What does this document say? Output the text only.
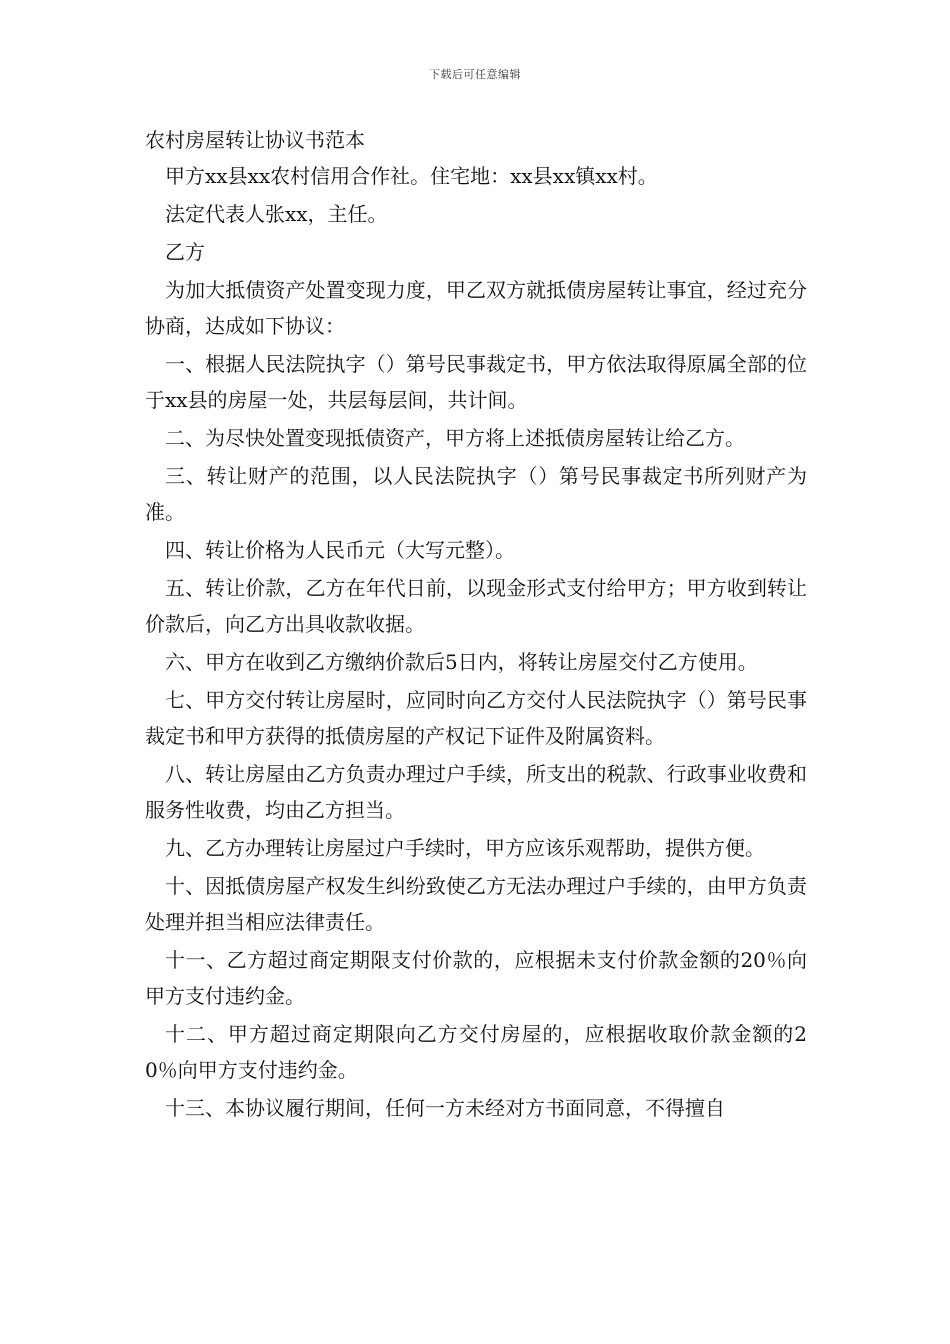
下载后可任意编辑
农村房屋转让协议书范本

甲方xx县xx农村信用合作社。住宅地：xx县xx镇xx村。

法定代表人张xx，主任。

乙方

为加大抵债资产处置变现力度，甲乙双方就抵债房屋转让事宜，经过充分协商，达成如下协议：

一、根据人民法院执字（）第号民事裁定书，甲方依法取得原属全部的位于xx县的房屋一处，共层每层间，共计间。

二、为尽快处置变现抵债资产，甲方将上述抵债房屋转让给乙方。

三、转让财产的范围，以人民法院执字（）第号民事裁定书所列财产为准。

四、转让价格为人民币元（大写元整）。

五、转让价款，乙方在年代日前，以现金形式支付给甲方；甲方收到转让价款后，向乙方出具收款收据。

六、甲方在收到乙方缴纳价款后5日内，将转让房屋交付乙方使用。

七、甲方交付转让房屋时，应同时向乙方交付人民法院执字（）第号民事裁定书和甲方获得的抵债房屋的产权记下证件及附属资料。

八、转让房屋由乙方负责办理过户手续，所支出的税款、行政事业收费和服务性收费，均由乙方担当。

九、乙方办理转让房屋过户手续时，甲方应该乐观帮助，提供方便。

十、因抵债房屋产权发生纠纷致使乙方无法办理过户手续的，由甲方负责处理并担当相应法律责任。

十一、乙方超过商定期限支付价款的，应根据未支付价款金额的20％向甲方支付违约金。

十二、甲方超过商定期限向乙方交付房屋的，应根据收取价款金额的20％向甲方支付违约金。

十三、本协议履行期间，任何一方未经对方书面同意，不得擅自
